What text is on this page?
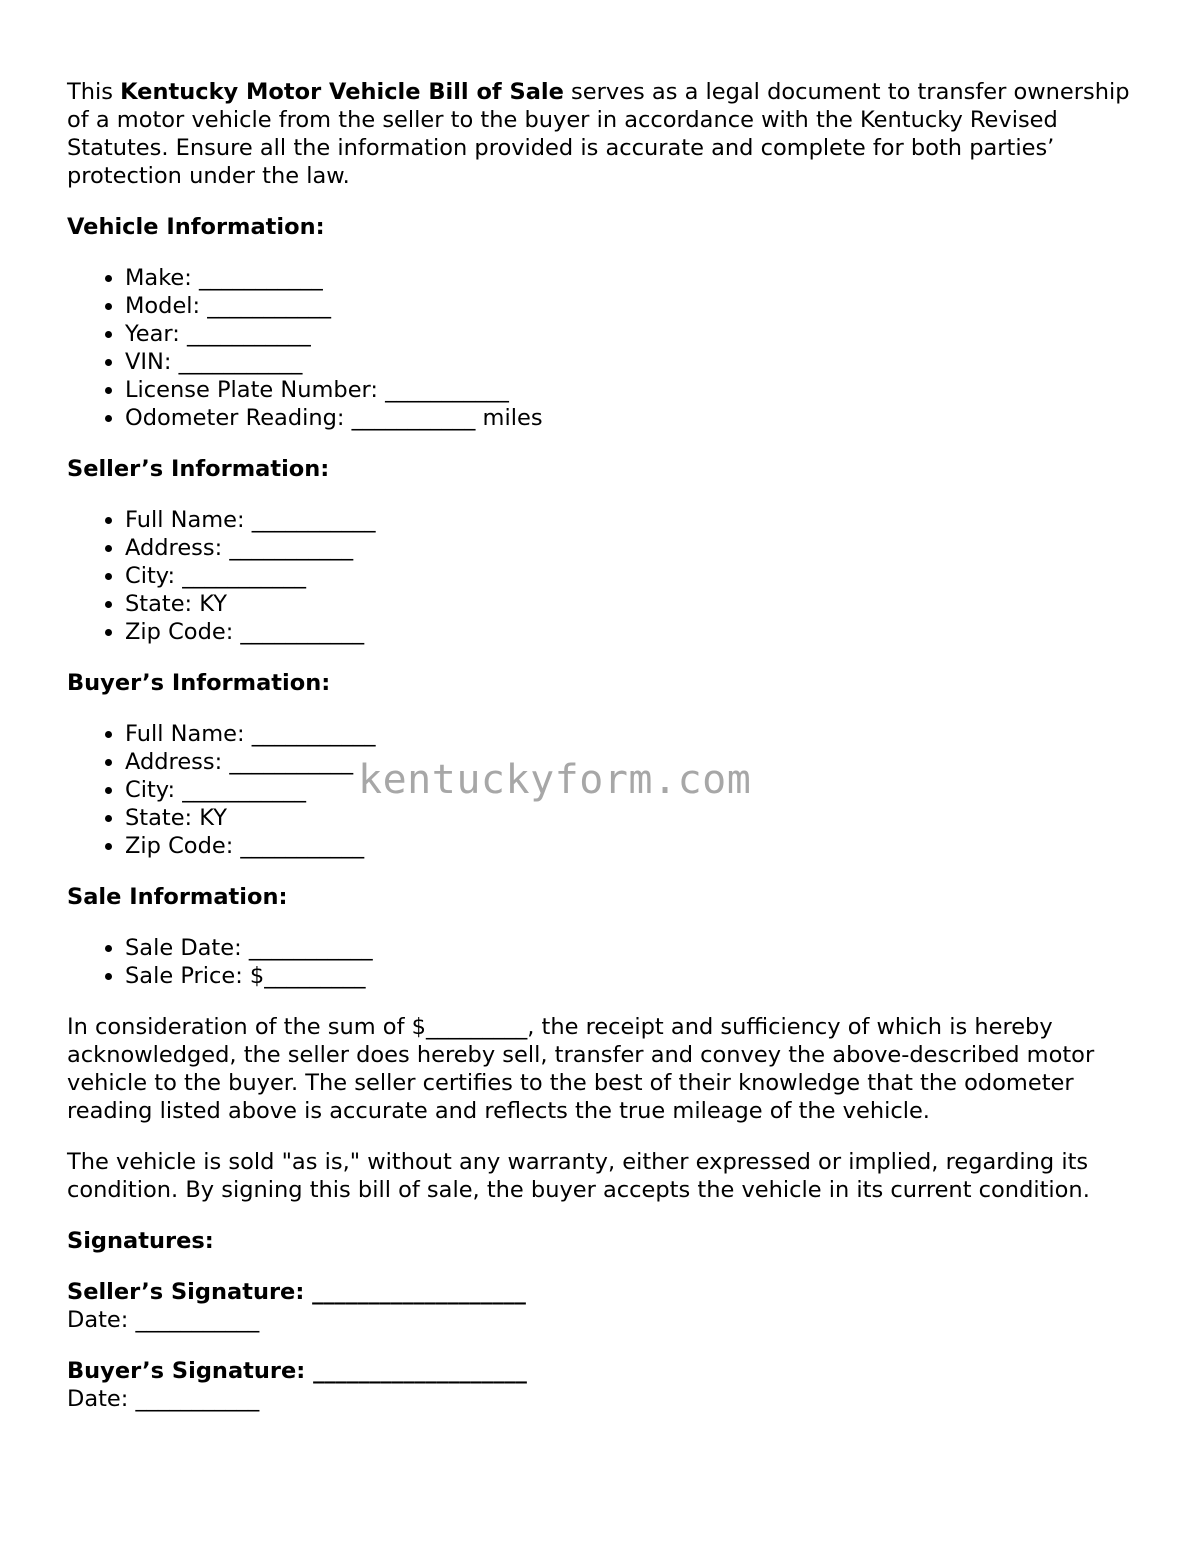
This Kentucky Motor Vehicle Bill of Sale serves as a legal document to transfer ownership of a motor vehicle from the seller to the buyer in accordance with the Kentucky Revised Statutes. Ensure all the information provided is accurate and complete for both parties’ protection under the law.

Vehicle Information:

• Make: ___________
• Model: ___________
• Year: ___________
• VIN: ___________
• License Plate Number: ___________
• Odometer Reading: ___________ miles

Seller’s Information:

• Full Name: ___________
• Address: ___________
• City: ___________
• State: KY
• Zip Code: ___________

Buyer’s Information:

• Full Name: ___________
• Address: ___________
• City: ___________
• State: KY
• Zip Code: ___________

Sale Information:

• Sale Date: ___________
• Sale Price: $_________

In consideration of the sum of $_________, the receipt and sufficiency of which is hereby acknowledged, the seller does hereby sell, transfer and convey the above-described motor vehicle to the buyer. The seller certifies to the best of their knowledge that the odometer reading listed above is accurate and reflects the true mileage of the vehicle.

The vehicle is sold "as is," without any warranty, either expressed or implied, regarding its condition. By signing this bill of sale, the buyer accepts the vehicle in its current condition.

Signatures:

Seller’s Signature: ___________________
Date: ___________
Buyer’s Signature: ___________________
Date: ___________
kentuckyform.com
